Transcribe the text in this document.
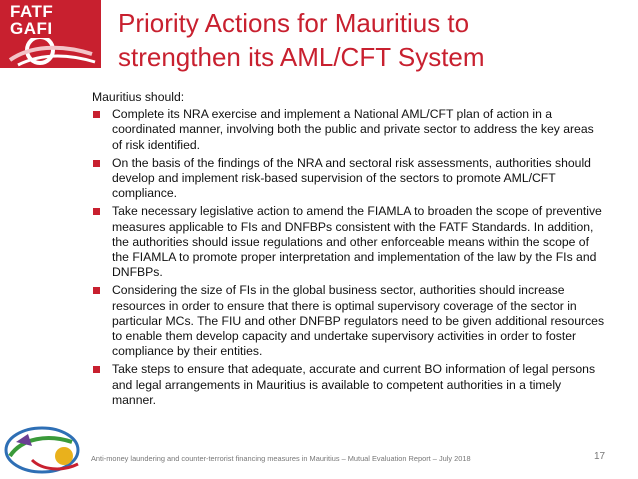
FATF
GAFI	Priority Actions for Mauritius to
strengthen its AML/CFT System

Mauritius should:

Complete its NRA exercise and implement a National AML/CFT plan of action in a coordinated manner, involving both the public and private sector to address the key areas of risk identified.
On the basis of the findings of the NRA and sectoral risk assessments, authorities should develop and implement risk-based supervision of the sectors to promote AML/CFT compliance.
Take necessary legislative action to amend the FIAMLA to broaden the scope of preventive measures applicable to FIs and DNFBPs consistent with the FATF Standards. In addition, the authorities should issue regulations and other enforceable means within the scope of the FIAMLA to promote proper interpretation and implementation of the law by the FIs and DNFBPs.
Considering the size of FIs in the global business sector, authorities should increase resources in order to ensure that there is optimal supervisory coverage of the sector in particular MCs. The FIU and other DNFBP regulators need to be given additional resources to enable them develop capacity and undertake supervisory activities in order to foster compliance by their entities.
Take steps to ensure that adequate, accurate and current BO information of legal persons and legal arrangements in Mauritius is available to competent authorities in a timely manner.
Anti-money laundering and counter-terrorist financing measures in Mauritius – Mutual Evaluation Report – July 2018	17
